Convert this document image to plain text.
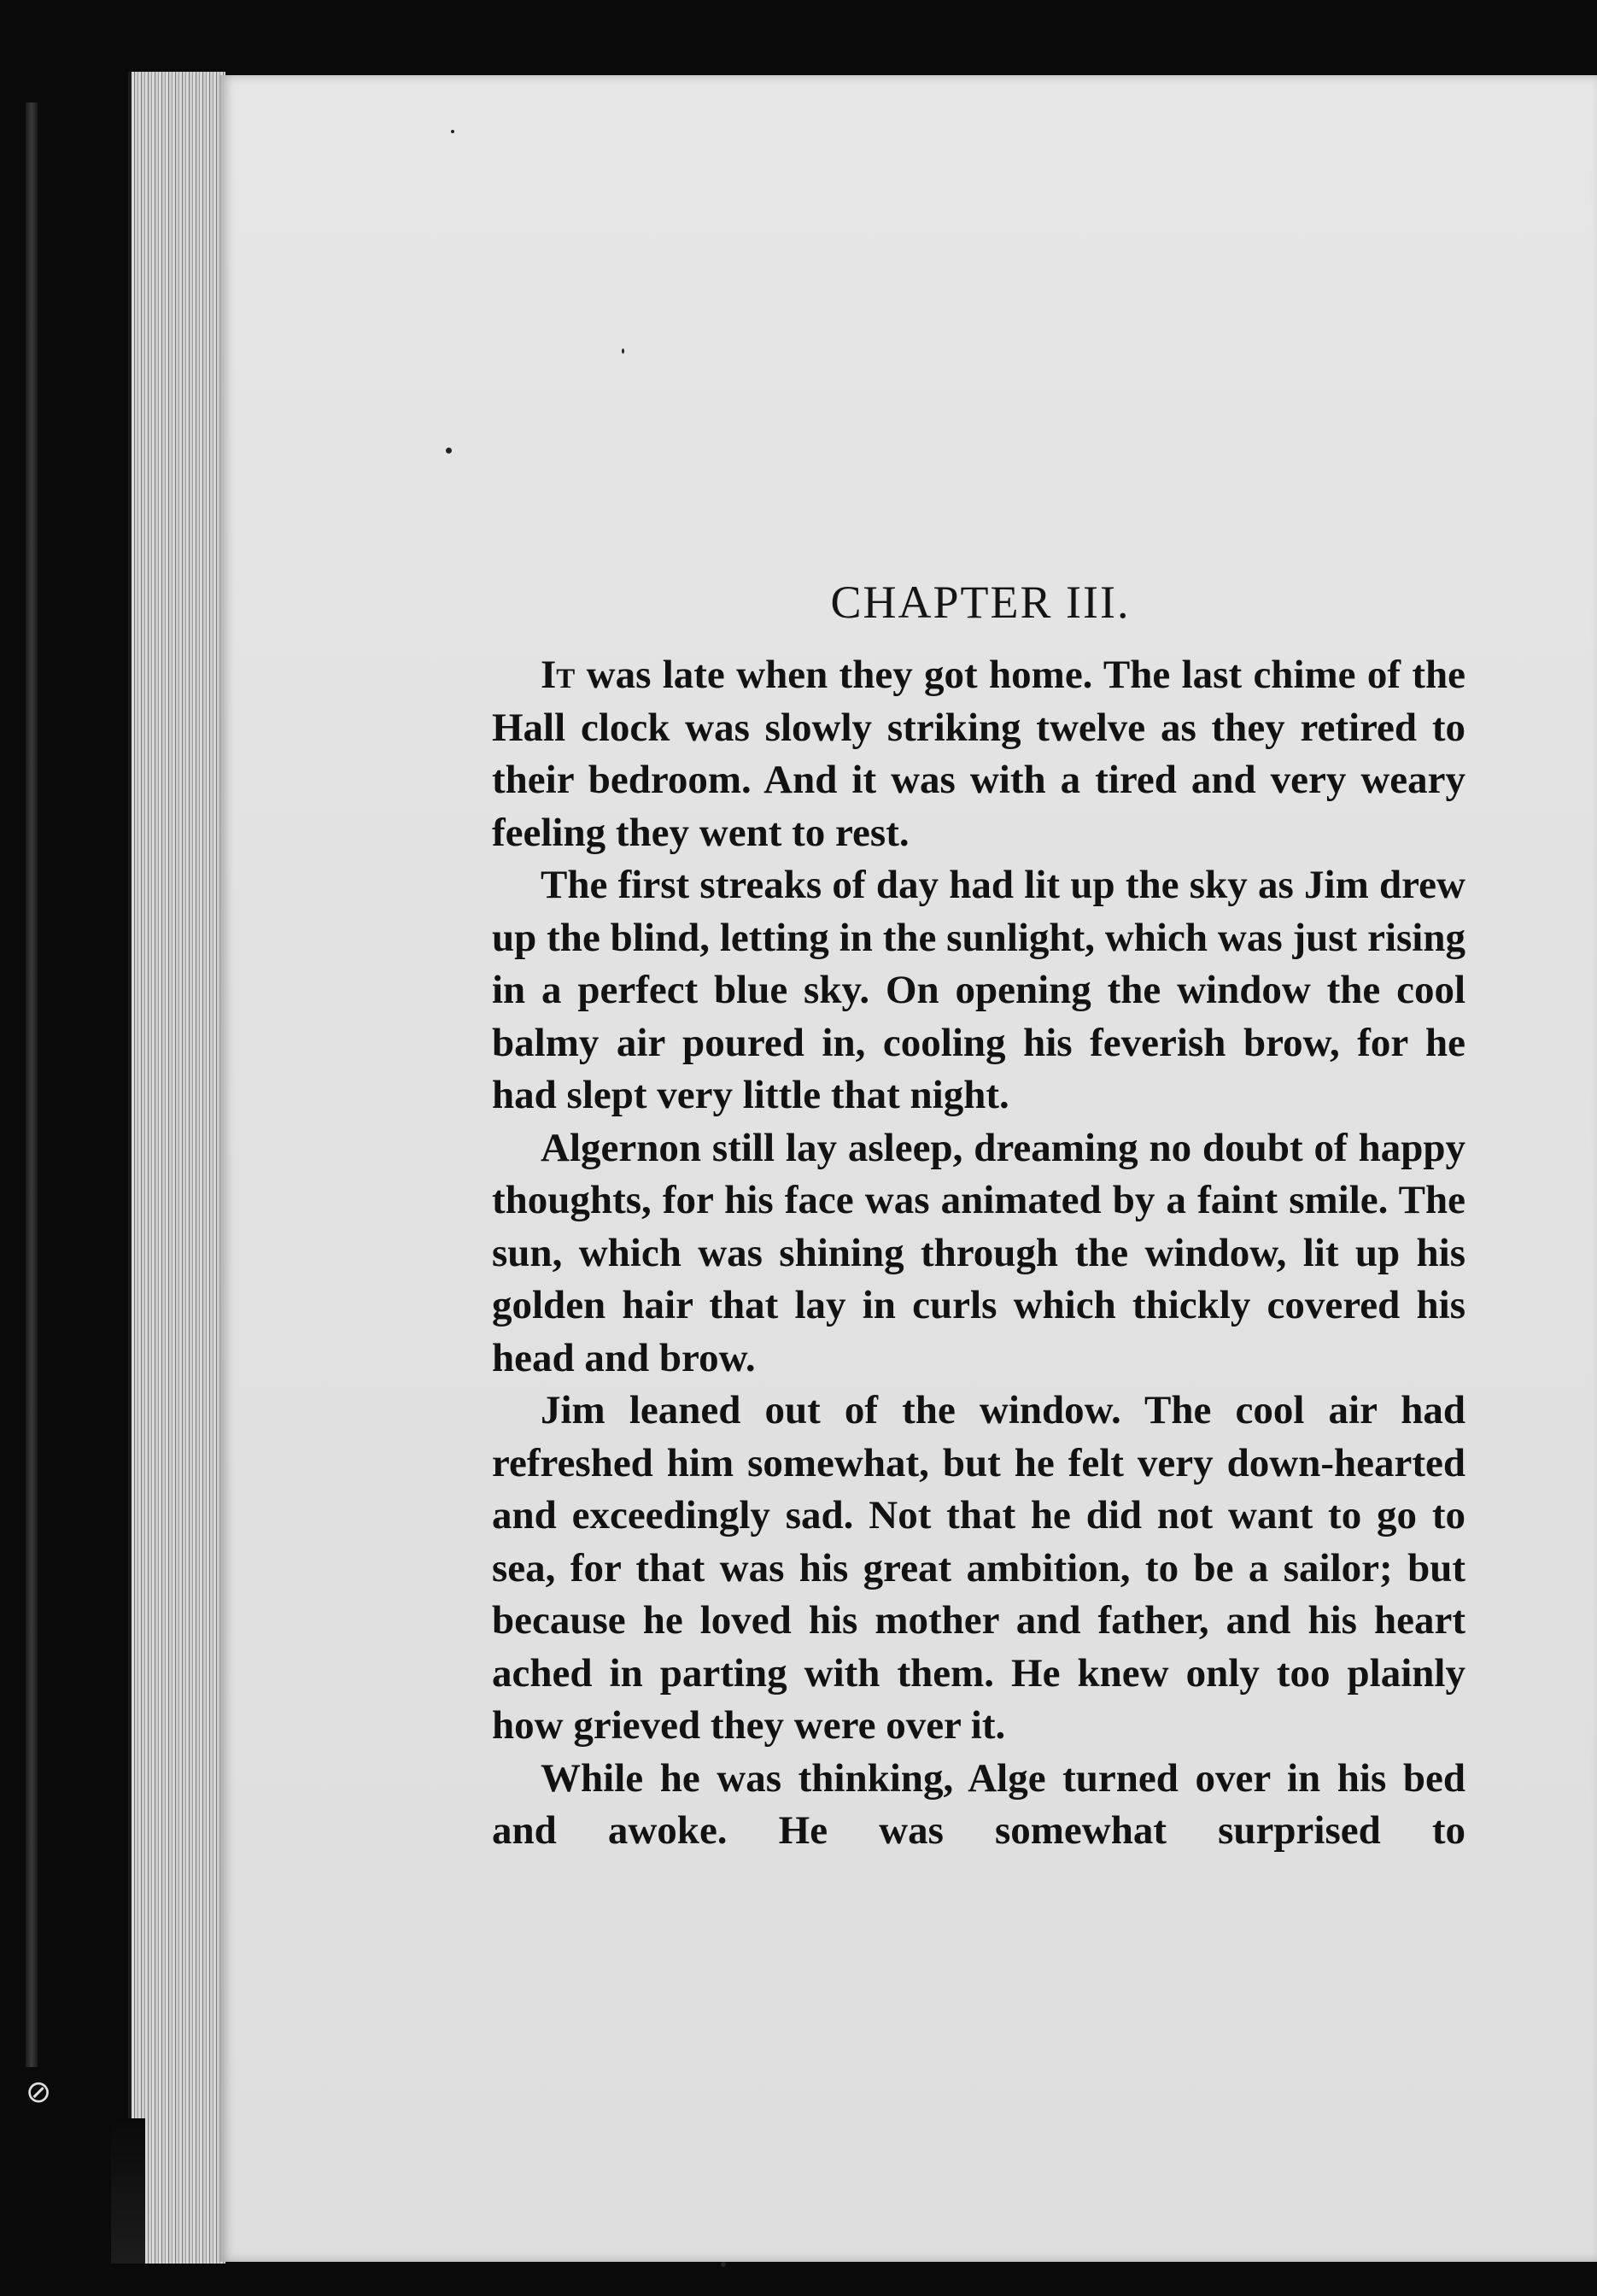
CHAPTER III.

It was late when they got home. The last chime of the Hall clock was slowly striking twelve as they retired to their bedroom. And it was with a tired and very weary feeling they went to rest.

The first streaks of day had lit up the sky as Jim drew up the blind, letting in the sunlight, which was just rising in a perfect blue sky. On opening the window the cool balmy air poured in, cooling his feverish brow, for he had slept very little that night.

Algernon still lay asleep, dreaming no doubt of happy thoughts, for his face was animated by a faint smile. The sun, which was shining through the window, lit up his golden hair that lay in curls which thickly covered his head and brow.

Jim leaned out of the window. The cool air had refreshed him somewhat, but he felt very down-hearted and exceedingly sad. Not that he did not want to go to sea, for that was his great ambition, to be a sailor; but because he loved his mother and father, and his heart ached in parting with them. He knew only too plainly how grieved they were over it.

While he was thinking, Alge turned over in his bed and awoke. He was somewhat surprised to

⊘
